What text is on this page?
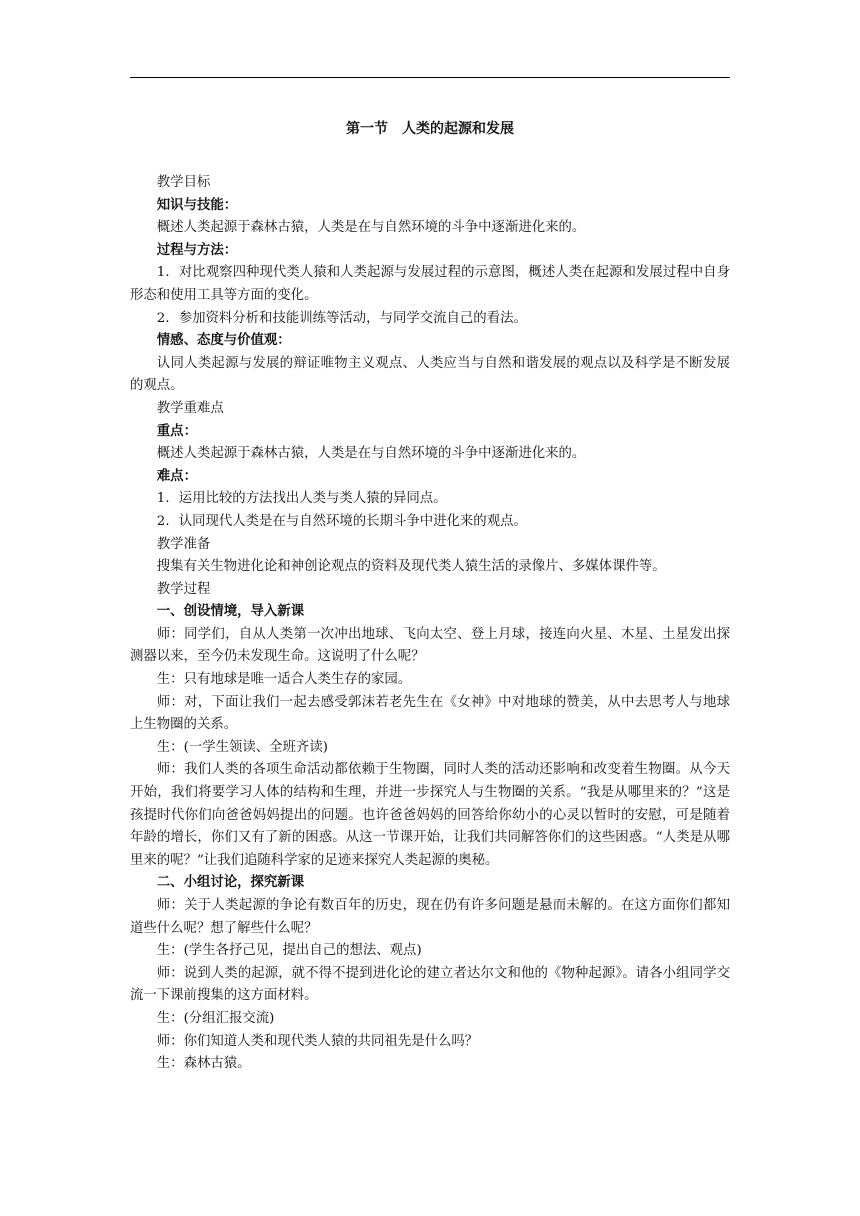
第一节　人类的起源和发展

教学目标

知识与技能：

概述人类起源于森林古猿，人类是在与自然环境的斗争中逐渐进化来的。

过程与方法：

1．对比观察四种现代类人猿和人类起源与发展过程的示意图，概述人类在起源和发展过程中自身形态和使用工具等方面的变化。

2．参加资料分析和技能训练等活动，与同学交流自己的看法。

情感、态度与价值观：

认同人类起源与发展的辩证唯物主义观点、人类应当与自然和谐发展的观点以及科学是不断发展的观点。

教学重难点

重点：

概述人类起源于森林古猿，人类是在与自然环境的斗争中逐渐进化来的。

难点：

1．运用比较的方法找出人类与类人猿的异同点。

2．认同现代人类是在与自然环境的长期斗争中进化来的观点。

教学准备

搜集有关生物进化论和神创论观点的资料及现代类人猿生活的录像片、多媒体课件等。

教学过程

一、创设情境，导入新课

师：同学们，自从人类第一次冲出地球、飞向太空、登上月球，接连向火星、木星、土星发出探测器以来，至今仍未发现生命。这说明了什么呢？

生：只有地球是唯一适合人类生存的家园。

师：对，下面让我们一起去感受郭沫若老先生在《女神》中对地球的赞美，从中去思考人与地球上生物圈的关系。

生：(一学生领读、全班齐读)

师：我们人类的各项生命活动都依赖于生物圈，同时人类的活动还影响和改变着生物圈。从今天开始，我们将要学习人体的结构和生理，并进一步探究人与生物圈的关系。“我是从哪里来的？”这是孩提时代你们向爸爸妈妈提出的问题。也许爸爸妈妈的回答给你幼小的心灵以暂时的安慰，可是随着年龄的增长，你们又有了新的困惑。从这一节课开始，让我们共同解答你们的这些困惑。“人类是从哪里来的呢？”让我们追随科学家的足迹来探究人类起源的奥秘。

二、小组讨论，探究新课

师：关于人类起源的争论有数百年的历史，现在仍有许多问题是悬而未解的。在这方面你们都知道些什么呢？想了解些什么呢？

生：(学生各抒己见，提出自己的想法、观点)

师：说到人类的起源，就不得不提到进化论的建立者达尔文和他的《物种起源》。请各小组同学交流一下课前搜集的这方面材料。

生：(分组汇报交流)

师：你们知道人类和现代类人猿的共同祖先是什么吗？

生：森林古猿。
